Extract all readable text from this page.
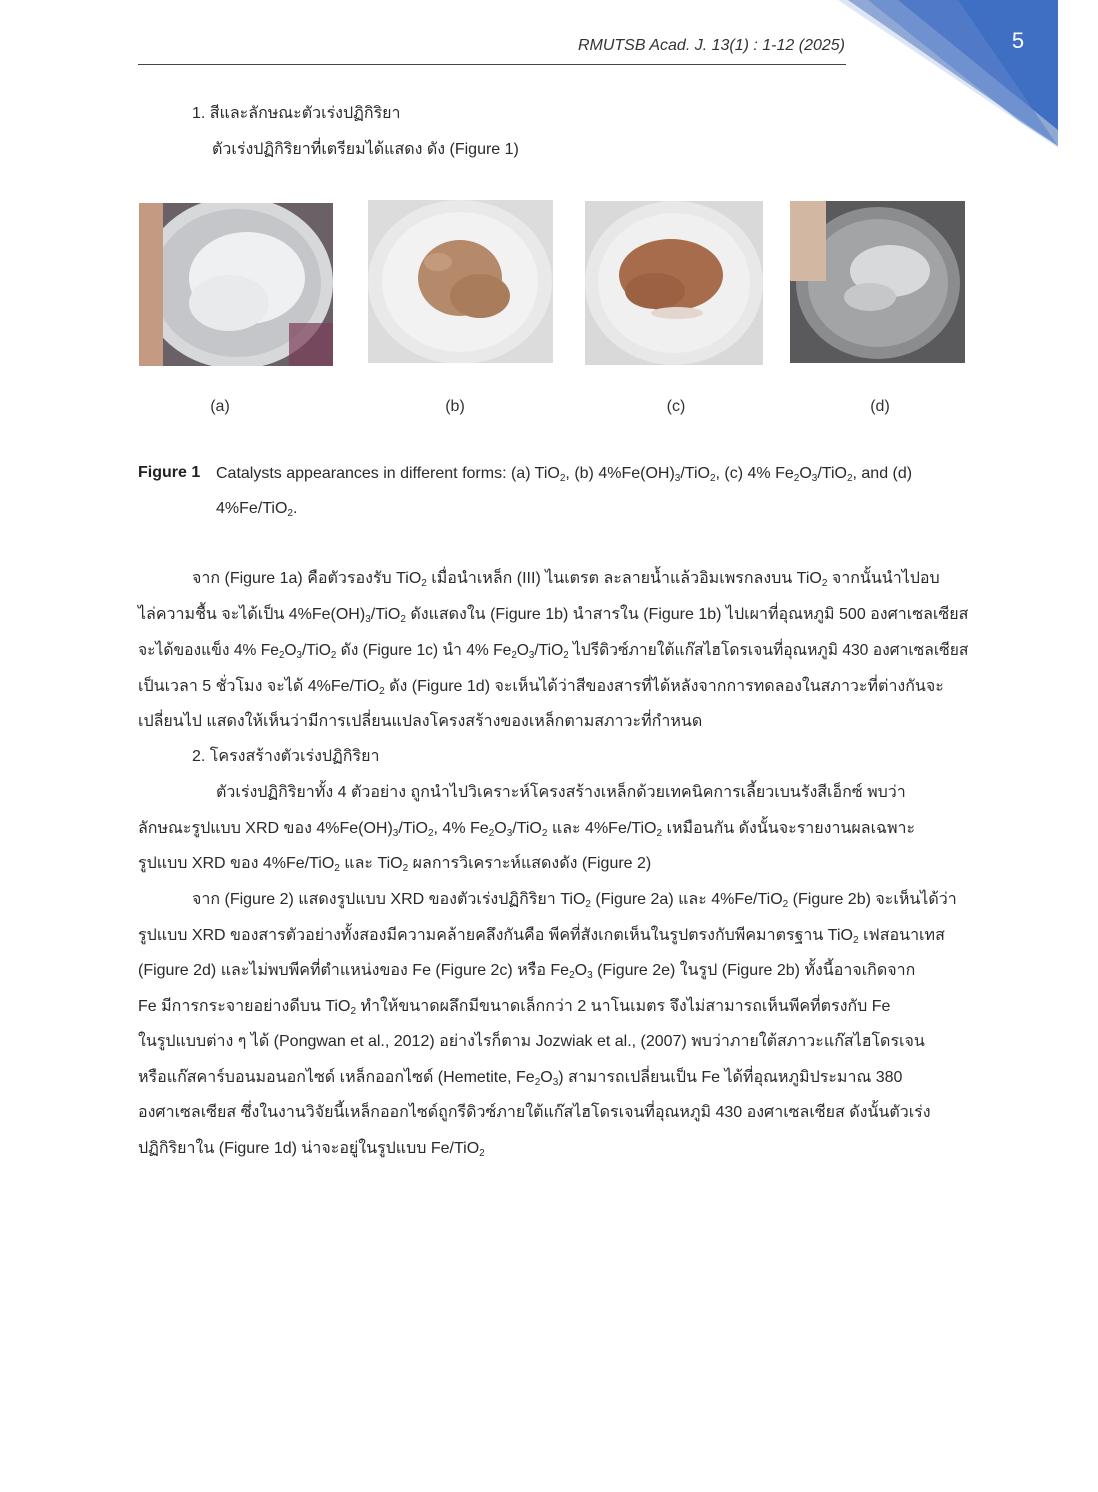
5
RMUTSB Acad. J. 13(1) : 1-12 (2025)
1. สีและลักษณะตัวเร่งปฏิกิริยา
ตัวเร่งปฏิกิริยาที่เตรียมได้แสดง ดัง (Figure 1)
(a)	(b)	(c)	(d)
Figure 1 Catalysts appearances in different forms: (a) TiO$_2$, (b) $4\%Fe(OH)_3/TiO_2$, (c) 4% $Fe_2O_3/TiO_2$, and (d)
4%Fe/TiO$_2$.
จาก (Figure 1a) คือตัวรองรับ TiO$_2$ เมื่อนำเหล็ก (III) ไนเตรต ละลายน้ำแล้วอิมเพรกลงบน TiO$_2$ จากนั้นนำไปอบ
ไล่ความชื้น จะได้เป็น $4\%Fe(OH)_3/TiO_2$ ดังแสดงใน (Figure 1b) นำสารใน (Figure 1b) ไปเผาที่อุณหภูมิ 500 องศาเซลเซียส
จะได้ของแข็ง 4% $Fe_2O_3/TiO_2$ ดัง (Figure 1c) นำ 4% $Fe_2O_3/TiO_2$ ไปรีดิวซ์ภายใต้แก๊สไฮโดรเจนที่อุณหภูมิ 430 องศาเซลเซียส
เป็นเวลา 5 ชั่วโมง จะได้ 4%Fe/TiO$_2$ ดัง (Figure 1d) จะเห็นได้ว่าสีของสารที่ได้หลังจากการทดลองในสภาวะที่ต่างกันจะ
เปลี่ยนไป แสดงให้เห็นว่ามีการเปลี่ยนแปลงโครงสร้างของเหล็กตามสภาวะที่กำหนด
2. โครงสร้างตัวเร่งปฏิกิริยา
ตัวเร่งปฏิกิริยาทั้ง 4 ตัวอย่าง ถูกนำไปวิเคราะห์โครงสร้างเหล็กด้วยเทคนิคการเลี้ยวเบนรังสีเอ็กซ์ พบว่า
ลักษณะรูปแบบ XRD ของ $4\%Fe(OH)_3/TiO_2$, 4% $Fe_2O_3/TiO_2$ และ 4%Fe/TiO$_2$ เหมือนกัน ดังนั้นจะรายงานผลเฉพาะ
รูปแบบ XRD ของ 4%Fe/TiO$_2$ และ TiO$_2$ ผลการวิเคราะห์แสดงดัง (Figure 2)
จาก (Figure 2) แสดงรูปแบบ XRD ของตัวเร่งปฏิกิริยา TiO$_2$ (Figure 2a) และ 4%Fe/TiO$_2$ (Figure 2b) จะเห็นได้ว่า
รูปแบบ XRD ของสารตัวอย่างทั้งสองมีความคล้ายคลึงกันคือ พีคที่สังเกตเห็นในรูปตรงกับพีคมาตรฐาน TiO$_2$ เฟสอนาเทส
(Figure 2d) และไม่พบพีคที่ตำแหน่งของ Fe (Figure 2c) หรือ $Fe_2O_3$ (Figure 2e) ในรูป (Figure 2b) ทั้งนี้อาจเกิดจาก
Fe มีการกระจายอย่างดีบน TiO$_2$ ทำให้ขนาดผลึกมีขนาดเล็กกว่า 2 นาโนเมตร จึงไม่สามารถเห็นพีคที่ตรงกับ Fe
ในรูปแบบต่าง ๆ ได้ (Pongwan et al., 2012) อย่างไรก็ตาม Jozwiak et al., (2007) พบว่าภายใต้สภาวะแก๊สไฮโดรเจน
หรือแก๊สคาร์บอนมอนอกไซด์ เหล็กออกไซด์ (Hemetite, $Fe_2O_3$) สามารถเปลี่ยนเป็น Fe ได้ที่อุณหภูมิประมาณ 380
องศาเซลเซียส ซึ่งในงานวิจัยนี้เหล็กออกไซด์ถูกรีดิวซ์ภายใต้แก๊สไฮโดรเจนที่อุณหภูมิ 430 องศาเซลเซียส ดังนั้นตัวเร่ง
ปฏิกิริยาใน (Figure 1d) น่าจะอยู่ในรูปแบบ Fe/TiO$_2$
